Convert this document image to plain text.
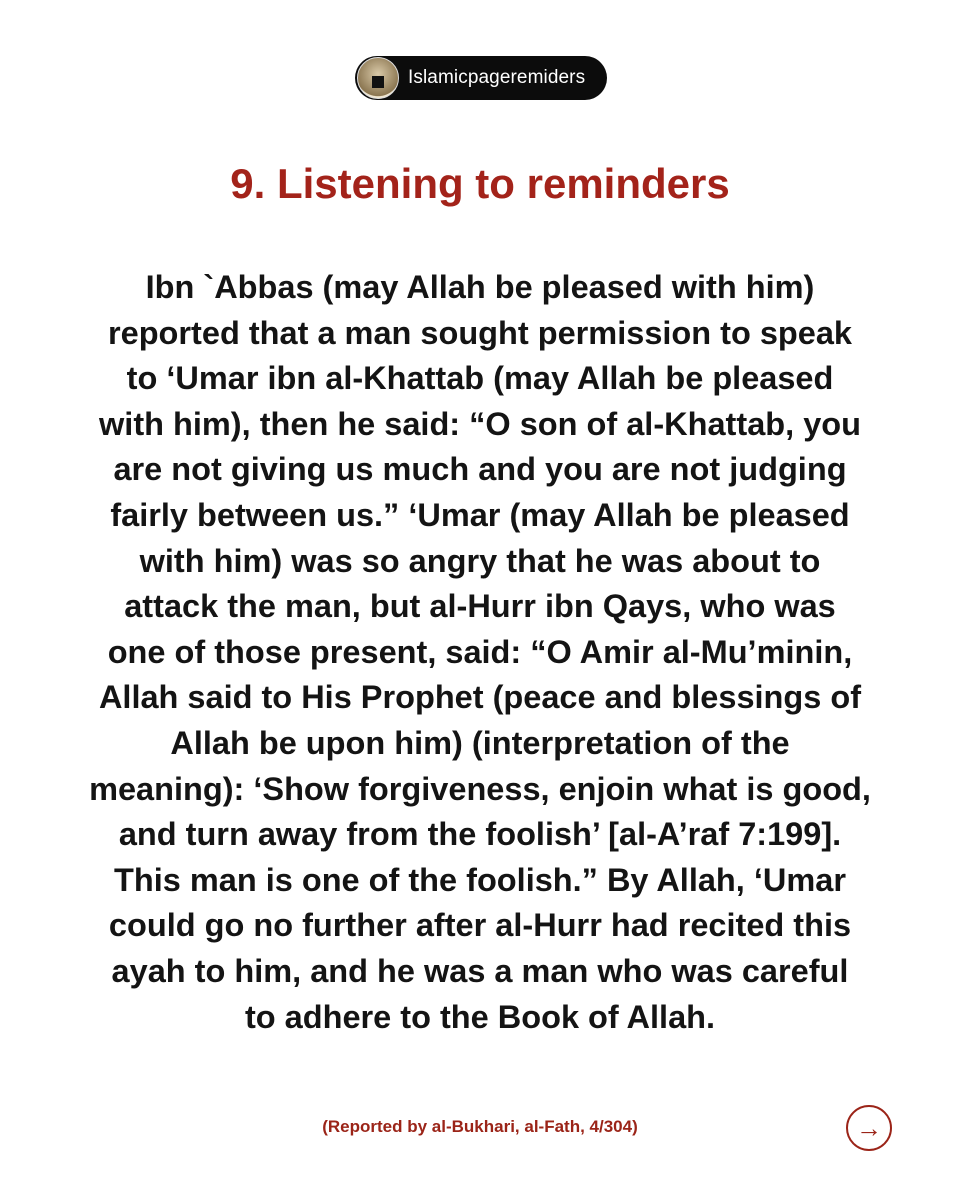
Islamicpageremiders
9. Listening to reminders
Ibn `Abbas (may Allah be pleased with him)
reported that a man sought permission to speak
to ‘Umar ibn al-Khattab (may Allah be pleased
with him), then he said: “O son of al-Khattab, you
are not giving us much and you are not judging
fairly between us.” ‘Umar (may Allah be pleased
with him) was so angry that he was about to
attack the man, but al-Hurr ibn Qays, who was
one of those present, said: “O Amir al-Mu’minin,
Allah said to His Prophet (peace and blessings of
Allah be upon him) (interpretation of the
meaning): ‘Show forgiveness, enjoin what is good,
and turn away from the foolish’ [al-A’raf 7:199].
This man is one of the foolish.” By Allah, ‘Umar
could go no further after al-Hurr had recited this
ayah to him, and he was a man who was careful
to adhere to the Book of Allah.
(Reported by al-Bukhari, al-Fath, 4/304)	→
